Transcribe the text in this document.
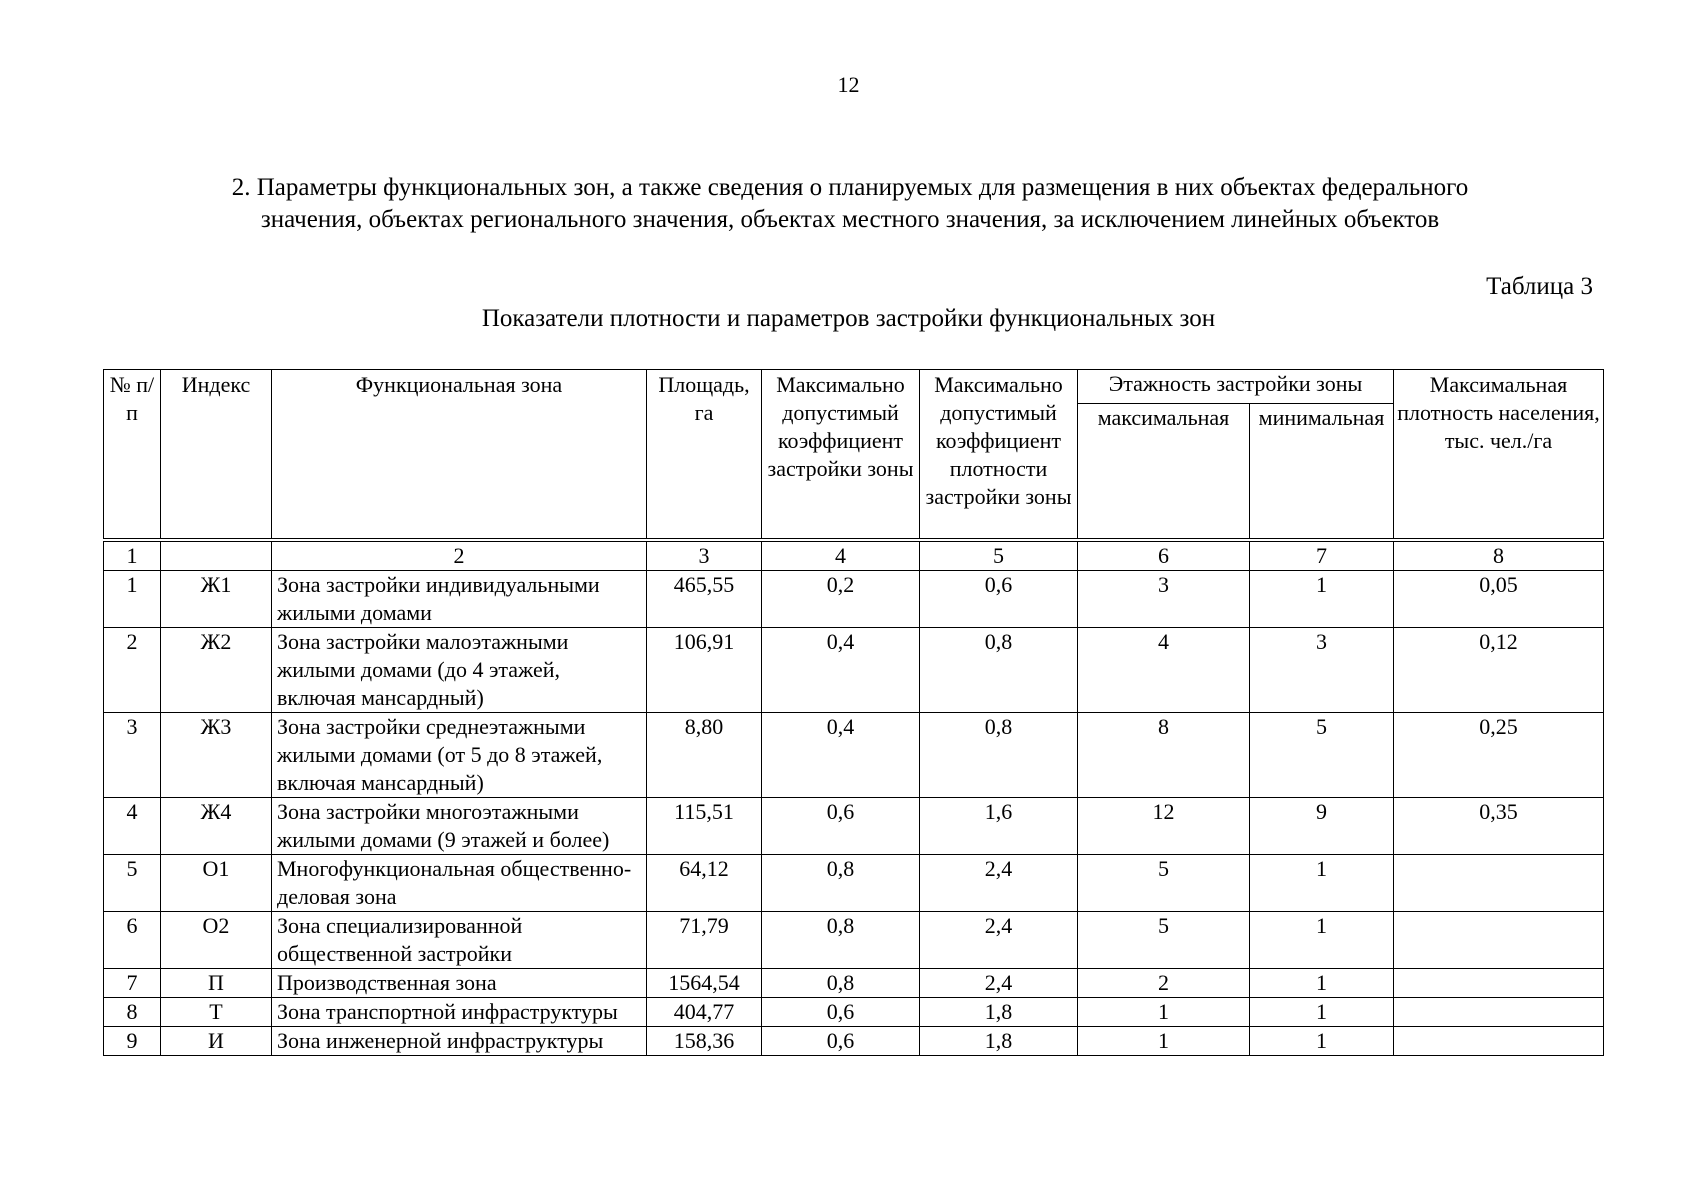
12
2. Параметры функциональных зон, а также сведения о планируемых для размещения в них объектах федерального
значения, объектах регионального значения, объектах местного значения, за исключением линейных объектов
Таблица 3
Показатели плотности и параметров застройки функциональных зон
№ п/п	Индекс	Функциональная зона	Площадь, га	Максимально допустимый коэффициент застройки зоны	Максимально допустимый коэффициент плотности застройки зоны	Этажность застройки зоны		Максимальная плотность населения, тыс. чел./га
						максимальная	минимальная	
1		2	3	4	5	6	7	8
1	Ж1	Зона застройки индивидуальными жилыми домами	465,55	0,2	0,6	3	1	0,05
2	Ж2	Зона застройки малоэтажными жилыми домами (до 4 этажей, включая мансардный)	106,91	0,4	0,8	4	3	0,12
3	Ж3	Зона застройки среднеэтажными жилыми домами (от 5 до 8 этажей, включая мансардный)	8,80	0,4	0,8	8	5	0,25
4	Ж4	Зона застройки многоэтажными жилыми домами (9 этажей и более)	115,51	0,6	1,6	12	9	0,35
5	О1	Многофункциональная общественно-деловая зона	64,12	0,8	2,4	5	1	
6	О2	Зона специализированной общественной застройки	71,79	0,8	2,4	5	1	
7	П	Производственная зона	1564,54	0,8	2,4	2	1	
8	Т	Зона транспортной инфраструктуры	404,77	0,6	1,8	1	1	
9	И	Зона инженерной инфраструктуры	158,36	0,6	1,8	1	1	
